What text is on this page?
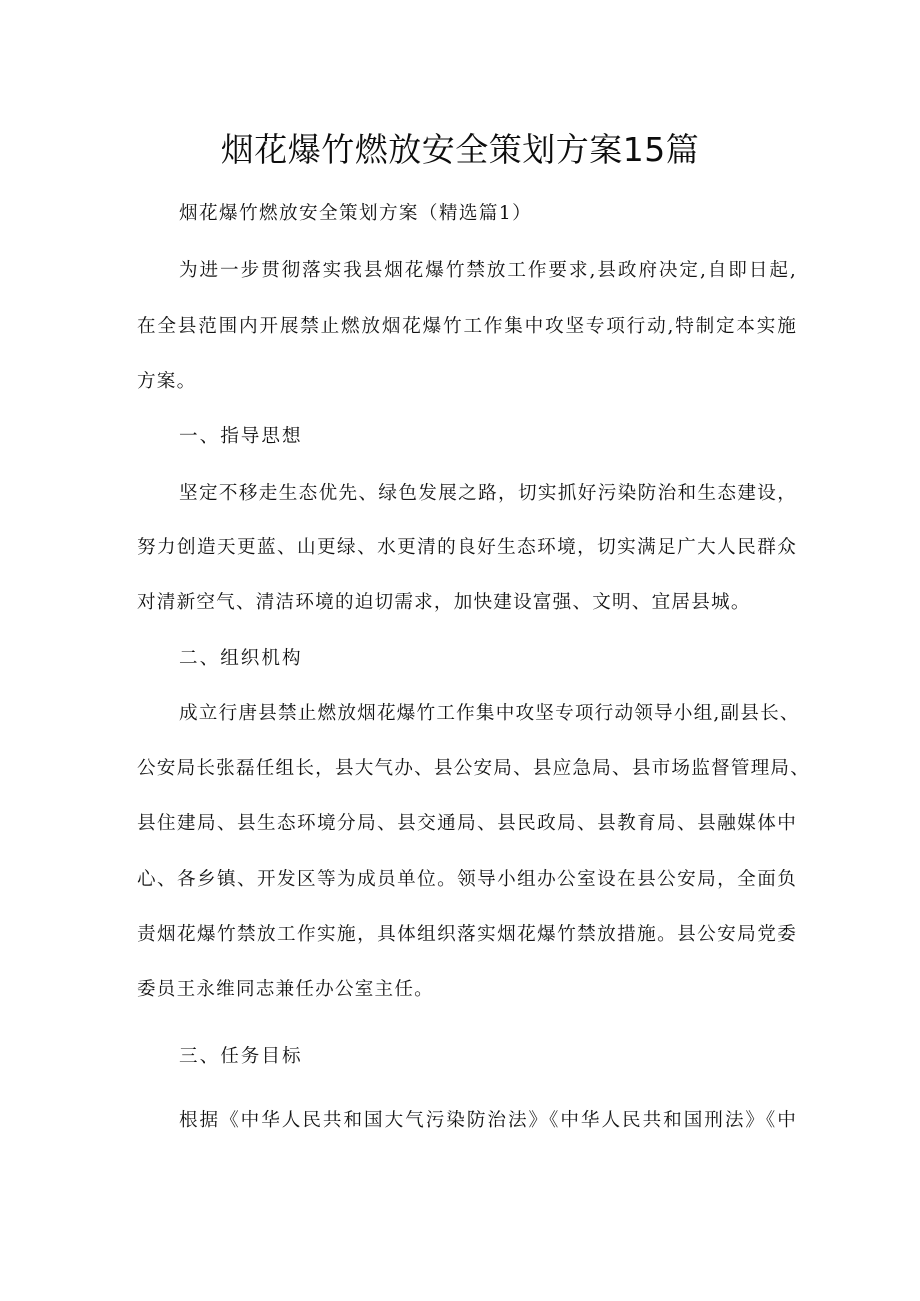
烟花爆竹燃放安全策划方案15篇
烟花爆竹燃放安全策划方案（精选篇1）
为进一步贯彻落实我县烟花爆竹禁放工作要求,县政府决定,自即日起,
在全县范围内开展禁止燃放烟花爆竹工作集中攻坚专项行动,特制定本实施
方案。
一、指导思想
坚定不移走生态优先、绿色发展之路，切实抓好污染防治和生态建设，
努力创造天更蓝、山更绿、水更清的良好生态环境，切实满足广大人民群众
对清新空气、清洁环境的迫切需求，加快建设富强、文明、宜居县城。
二、组织机构
成立行唐县禁止燃放烟花爆竹工作集中攻坚专项行动领导小组,副县长、
公安局长张磊任组长，县大气办、县公安局、县应急局、县市场监督管理局、
县住建局、县生态环境分局、县交通局、县民政局、县教育局、县融媒体中
心、各乡镇、开发区等为成员单位。领导小组办公室设在县公安局，全面负
责烟花爆竹禁放工作实施，具体组织落实烟花爆竹禁放措施。县公安局党委
委员王永维同志兼任办公室主任。
三、任务目标
根据《中华人民共和国大气污染防治法》《中华人民共和国刑法》《中
